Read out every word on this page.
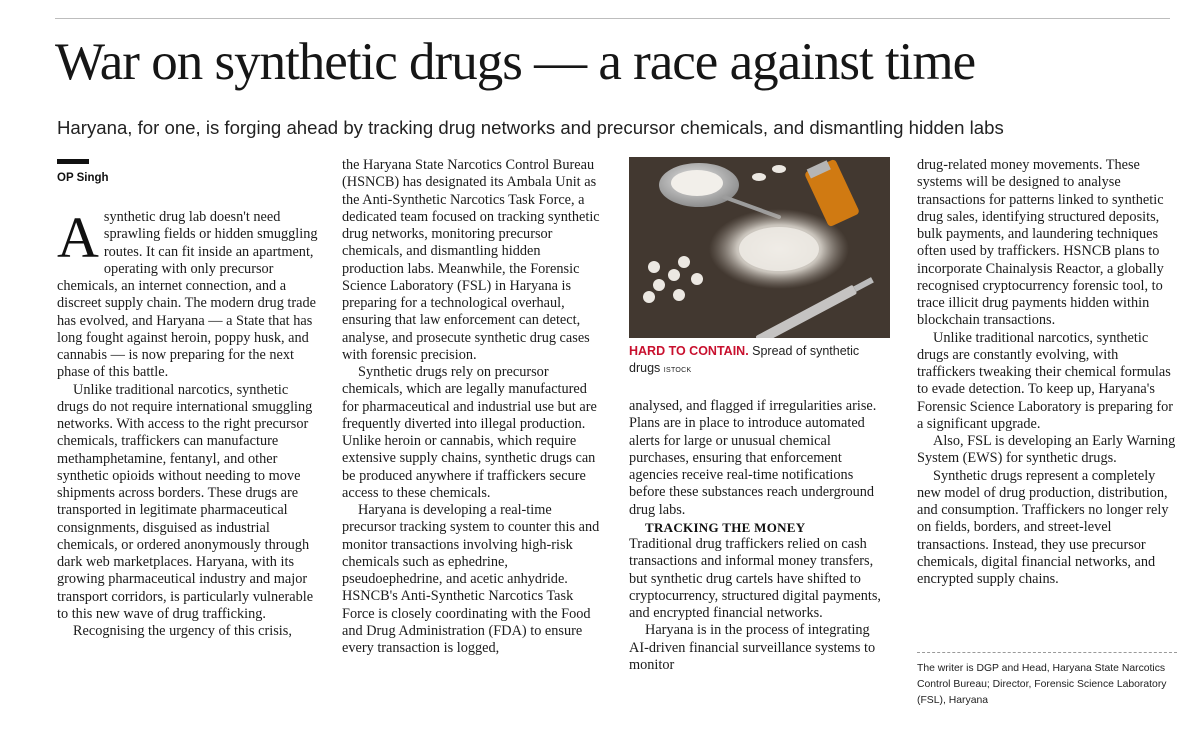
War on synthetic drugs — a race against time
Haryana, for one, is forging ahead by tracking drug networks and precursor chemicals, and dismantling hidden labs
OP Singh

Asynthetic drug lab doesn't need sprawling fields or hidden smuggling routes. It can fit inside an apartment, operating with only precursor chemicals, an internet connection, and a discreet supply chain. The modern drug trade has evolved, and Haryana — a State that has long fought against heroin, poppy husk, and cannabis — is now preparing for the next phase of this battle.

Unlike traditional narcotics, synthetic drugs do not require international smuggling networks. With access to the right precursor chemicals, traffickers can manufacture methamphetamine, fentanyl, and other synthetic opioids without needing to move shipments across borders. These drugs are transported in legitimate pharmaceutical consignments, disguised as industrial chemicals, or ordered anonymously through dark web marketplaces. Haryana, with its growing pharmaceutical industry and major transport corridors, is particularly vulnerable to this new wave of drug trafficking.

Recognising the urgency of this crisis,

the Haryana State Narcotics Control Bureau (HSNCB) has designated its Ambala Unit as the Anti-Synthetic Narcotics Task Force, a dedicated team focused on tracking synthetic drug networks, monitoring precursor chemicals, and dismantling hidden production labs. Meanwhile, the Forensic Science Laboratory (FSL) in Haryana is preparing for a technological overhaul, ensuring that law enforcement can detect, analyse, and prosecute synthetic drug cases with forensic precision.

Synthetic drugs rely on precursor chemicals, which are legally manufactured for pharmaceutical and industrial use but are frequently diverted into illegal production. Unlike heroin or cannabis, which require extensive supply chains, synthetic drugs can be produced anywhere if traffickers secure access to these chemicals.

Haryana is developing a real-time precursor tracking system to counter this and monitor transactions involving high-risk chemicals such as ephedrine, pseudoephedrine, and acetic anhydride. HSNCB's Anti-Synthetic Narcotics Task Force is closely coordinating with the Food and Drug Administration (FDA) to ensure every transaction is logged,

HARD TO CONTAIN. Spread of synthetic drugs ISTOCK

analysed, and flagged if irregularities arise. Plans are in place to introduce automated alerts for large or unusual chemical purchases, ensuring that enforcement agencies receive real-time notifications before these substances reach underground drug labs.

TRACKING THE MONEY

Traditional drug traffickers relied on cash transactions and informal money transfers, but synthetic drug cartels have shifted to cryptocurrency, structured digital payments, and encrypted financial networks.

Haryana is in the process of integrating AI-driven financial surveillance systems to monitor

drug-related money movements. These systems will be designed to analyse transactions for patterns linked to synthetic drug sales, identifying structured deposits, bulk payments, and laundering techniques often used by traffickers. HSNCB plans to incorporate Chainalysis Reactor, a globally recognised cryptocurrency forensic tool, to trace illicit drug payments hidden within blockchain transactions.

Unlike traditional narcotics, synthetic drugs are constantly evolving, with traffickers tweaking their chemical formulas to evade detection. To keep up, Haryana's Forensic Science Laboratory is preparing for a significant upgrade.

Also, FSL is developing an Early Warning System (EWS) for synthetic drugs.

Synthetic drugs represent a completely new model of drug production, distribution, and consumption. Traffickers no longer rely on fields, borders, and street-level transactions. Instead, they use precursor chemicals, digital financial networks, and encrypted supply chains.

The writer is DGP and Head, Haryana State Narcotics Control Bureau; Director, Forensic Science Laboratory (FSL), Haryana
